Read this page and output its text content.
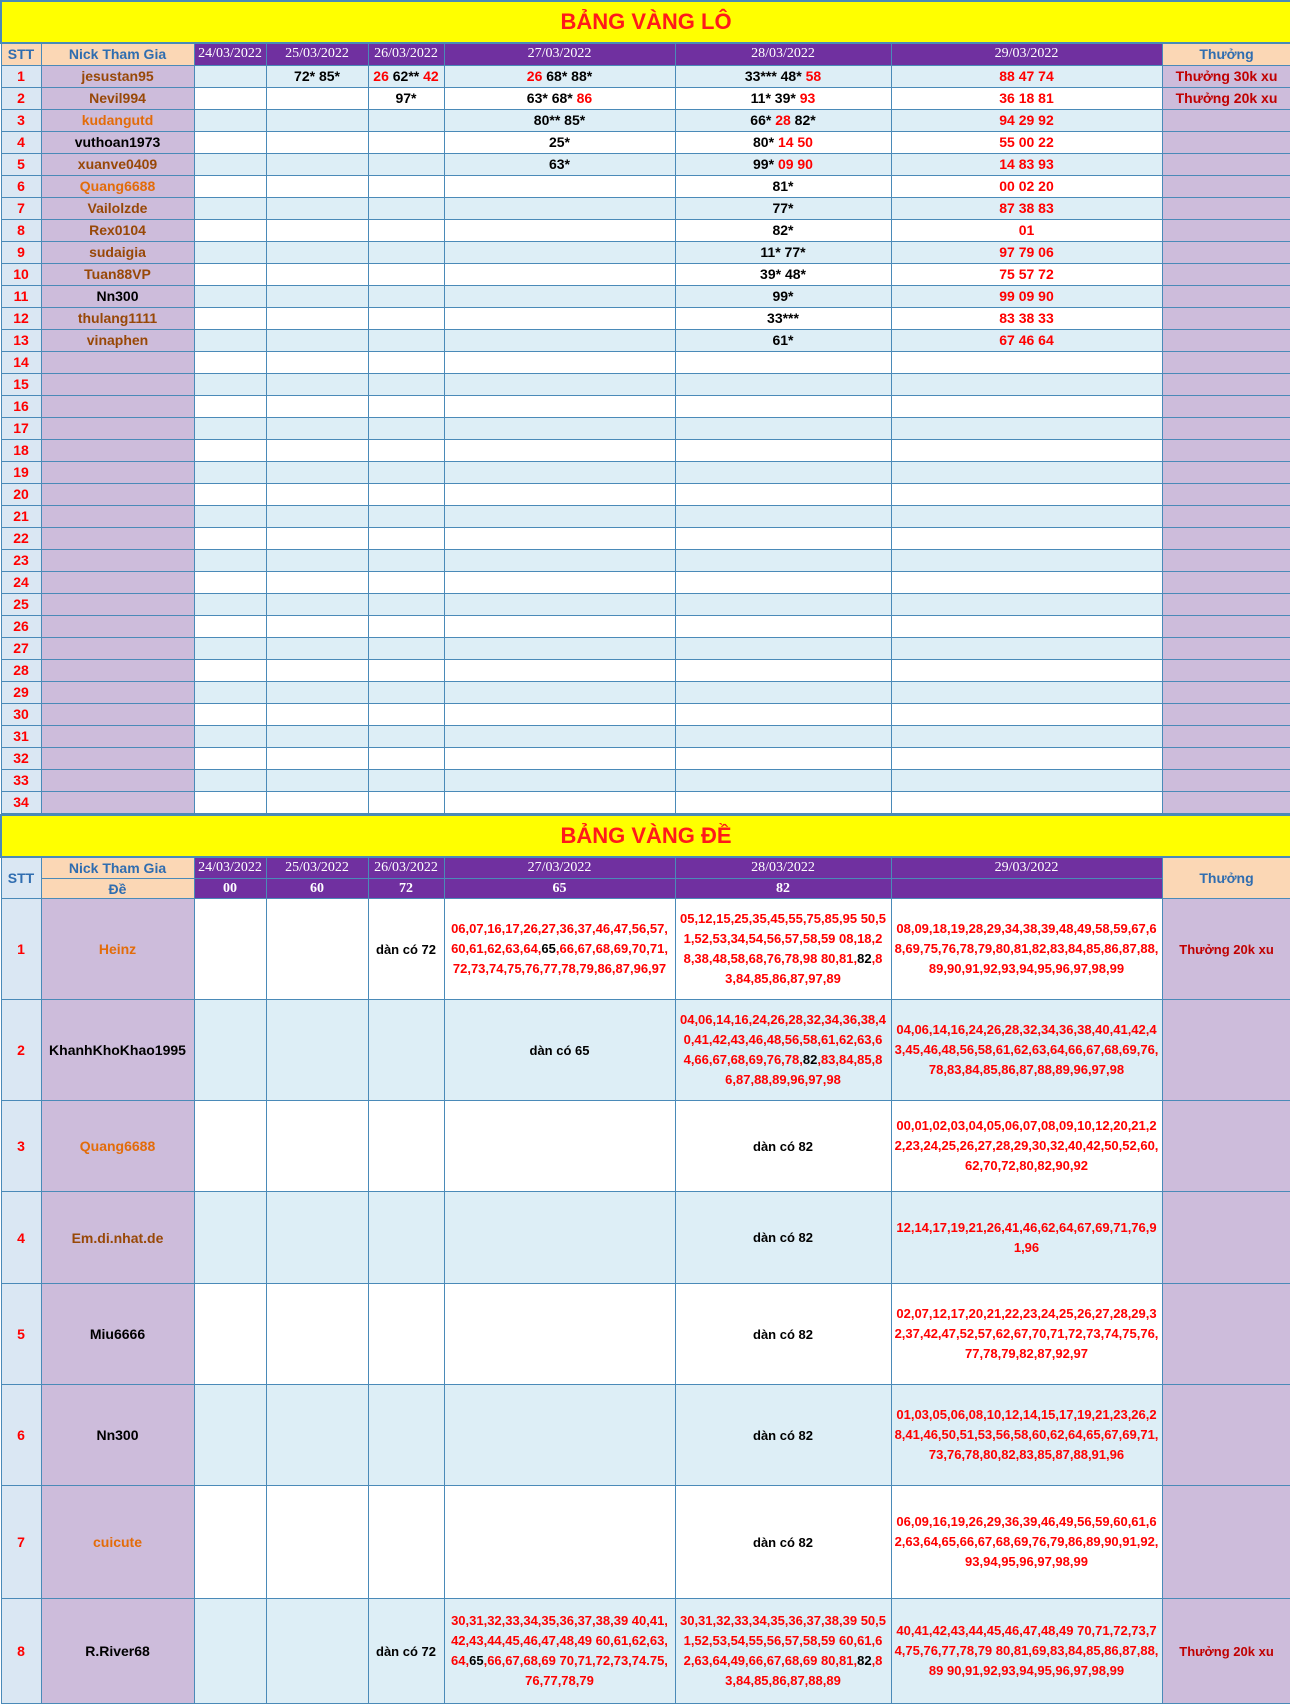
BẢNG VÀNG LÔ								
STT	Nick Tham Gia	24/03/2022	25/03/2022	26/03/2022	27/03/2022	28/03/2022	29/03/2022	Thưởng
1	jesustan95		72* 85*	26 62** 42	26 68* 88*	33*** 48* 58	88 47 74	Thưởng 30k xu
2	Nevil994			97*	63* 68* 86	11* 39* 93	36 18 81	Thưởng 20k xu
3	kudangutd				80** 85*	66* 28 82*	94 29 92	
4	vuthoan1973				25*	80* 14 50	55 00 22	
5	xuanve0409				63*	99* 09 90	14 83 93	
6	Quang6688					81*	00 02 20	
7	Vailolzde					77*	87 38 83	
8	Rex0104					82*	01	
9	sudaigia					11* 77*	97 79 06	
10	Tuan88VP					39* 48*	75 57 72	
11	Nn300					99*	99 09 90	
12	thulang1111					33***	83 38 33	
13	vinaphen					61*	67 46 64	
14								
15								
16								
17								
18								
19								
20								
21								
22								
23								
24								
25								
26								
27								
28								
29								
30								
31								
32								
33								
34								
BẢNG VÀNG ĐỀ								
STT	Nick Tham Gia	24/03/2022	25/03/2022	26/03/2022	27/03/2022	28/03/2022	29/03/2022	Thưởng
	Đề	00	60	72	65	82		
1	Heinz			dàn có 72	06,07,16,17,26,27,36,37,46,47,56,57,60,61,62,63,64,65,66,67,68,69,70,71,72,73,74,75,76,77,78,79,86,87,96,97	05,12,15,25,35,45,55,75,85,95 50,51,52,53,34,54,56,57,58,59 08,18,28,38,48,58,68,76,78,98 80,81,82,83,84,85,86,87,97,89	08,09,18,19,28,29,34,38,39,48,49,58,59,67,68,69,75,76,78,79,80,81,82,83,84,85,86,87,88,89,90,91,92,93,94,95,96,97,98,99	Thưởng 20k xu
2	KhanhKhoKhao1995				dàn có 65	04,06,14,16,24,26,28,32,34,36,38,40,41,42,43,46,48,56,58,61,62,63,64,66,67,68,69,76,78,82,83,84,85,86,87,88,89,96,97,98	04,06,14,16,24,26,28,32,34,36,38,40,41,42,43,45,46,48,56,58,61,62,63,64,66,67,68,69,76,78,83,84,85,86,87,88,89,96,97,98	
3	Quang6688					dàn có 82	00,01,02,03,04,05,06,07,08,09,10,12,20,21,22,23,24,25,26,27,28,29,30,32,40,42,50,52,60,62,70,72,80,82,90,92	
4	Em.di.nhat.de					dàn có 82	12,14,17,19,21,26,41,46,62,64,67,69,71,76,91,96	
5	Miu6666					dàn có 82	02,07,12,17,20,21,22,23,24,25,26,27,28,29,32,37,42,47,52,57,62,67,70,71,72,73,74,75,76,77,78,79,82,87,92,97	
6	Nn300					dàn có 82	01,03,05,06,08,10,12,14,15,17,19,21,23,26,28,41,46,50,51,53,56,58,60,62,64,65,67,69,71,73,76,78,80,82,83,85,87,88,91,96	
7	cuicute					dàn có 82	06,09,16,19,26,29,36,39,46,49,56,59,60,61,62,63,64,65,66,67,68,69,76,79,86,89,90,91,92,93,94,95,96,97,98,99	
8	R.River68			dàn có 72	30,31,32,33,34,35,36,37,38,39 40,41,42,43,44,45,46,47,48,49 60,61,62,63,64,65,66,67,68,69 70,71,72,73,74.75,76,77,78,79	30,31,32,33,34,35,36,37,38,39 50,51,52,53,54,55,56,57,58,59 60,61,62,63,64,49,66,67,68,69 80,81,82,83,84,85,86,87,88,89	40,41,42,43,44,45,46,47,48,49 70,71,72,73,74,75,76,77,78,79 80,81,69,83,84,85,86,87,88,89 90,91,92,93,94,95,96,97,98,99	Thưởng 20k xu
